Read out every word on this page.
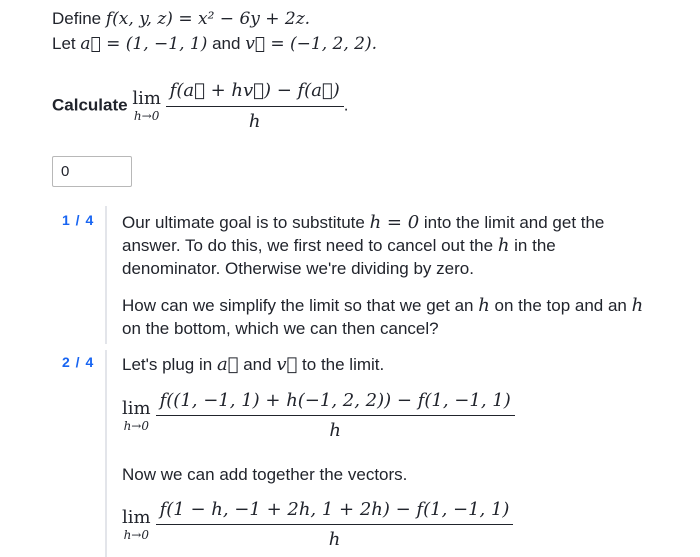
Define f(x, y, z) = x² − 6y + 2z.
Let a⃗ = (1, −1, 1) and v⃗ = (−1, 2, 2).
Calculate lim
h→0
$\frac{f(a⃗ + hv⃗) - f(a⃗)}{h}$ .
0
1 / 4 Our ultimate goal is to substitute h = 0 into the limit and get the answer. To do this, we first need to cancel out the h in the denominator. Otherwise we're dividing by zero.
How can we simplify the limit so that we get an h on the top and an h on the bottom, which we can then cancel?
2 / 4 Let's plug in a⃗ and v⃗ to the limit.
lim
h→0
$\frac{f((1, -1, 1) + h(-1, 2, 2)) - f(1, -1, 1)}{h}$
Now we can add together the vectors.
lim
h→0
$\frac{f(1 - h, -1 + 2h, 1 + 2h) - f(1, -1, 1)}{h}$
